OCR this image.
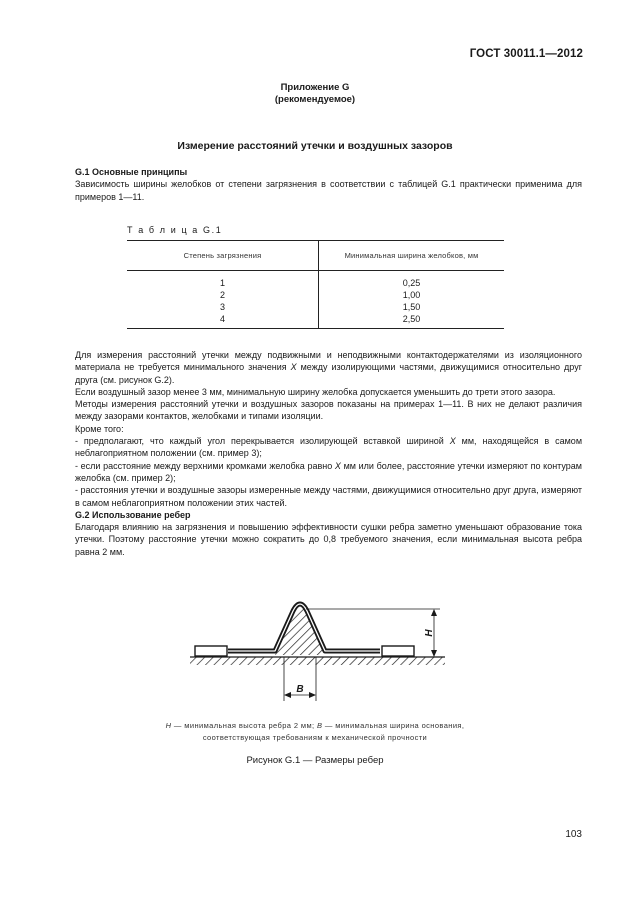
ГОСТ 30011.1—2012
Приложение G
(рекомендуемое)
Измерение расстояний утечки и воздушных зазоров

G.1 Основные принципы

Зависимость ширины желобков от степени загрязнения в соответствии с таблицей G.1 практически применима для примеров 1—11.

Т а б л и ц а G.1
Степень загрязнения	Минимальная ширина желобков, мм
1	0,25
2	1,00
3	1,50
4	2,50

Для измерения расстояний утечки между подвижными и неподвижными контактодержателями из изоляционного материала не требуется минимального значения X между изолирующими частями, движущимися относительно друг друга (см. рисунок G.2).

Если воздушный зазор менее 3 мм, минимальную ширину желобка допускается уменьшить до трети этого зазора.

Методы измерения расстояний утечки и воздушных зазоров показаны на примерах 1—11. В них не делают различия между зазорами контактов, желобками и типами изоляции.

Кроме того:

- предполагают, что каждый угол перекрывается изолирующей вставкой шириной X мм, находящейся в самом неблагоприятном положении (см. пример 3);

- если расстояние между верхними кромками желобка равно X мм или более, расстояние утечки измеряют по контурам желобка (см. пример 2);

- расстояния утечки и воздушные зазоры измеренные между частями, движущимися относительно друг друга, измеряют в самом неблагоприятном положении этих частей.

G.2 Использование ребер

Благодаря влиянию на загрязнения и повышению эффективности сушки ребра заметно уменьшают образование тока утечки. Поэтому расстояние утечки можно сократить до 0,8 требуемого значения, если минимальная высота ребра равна 2 мм.

H
B
H — минимальная высота ребра 2 мм; B — минимальная ширина основания,
соответствующая требованиям к механической прочности
Рисунок G.1 — Размеры ребер
103
